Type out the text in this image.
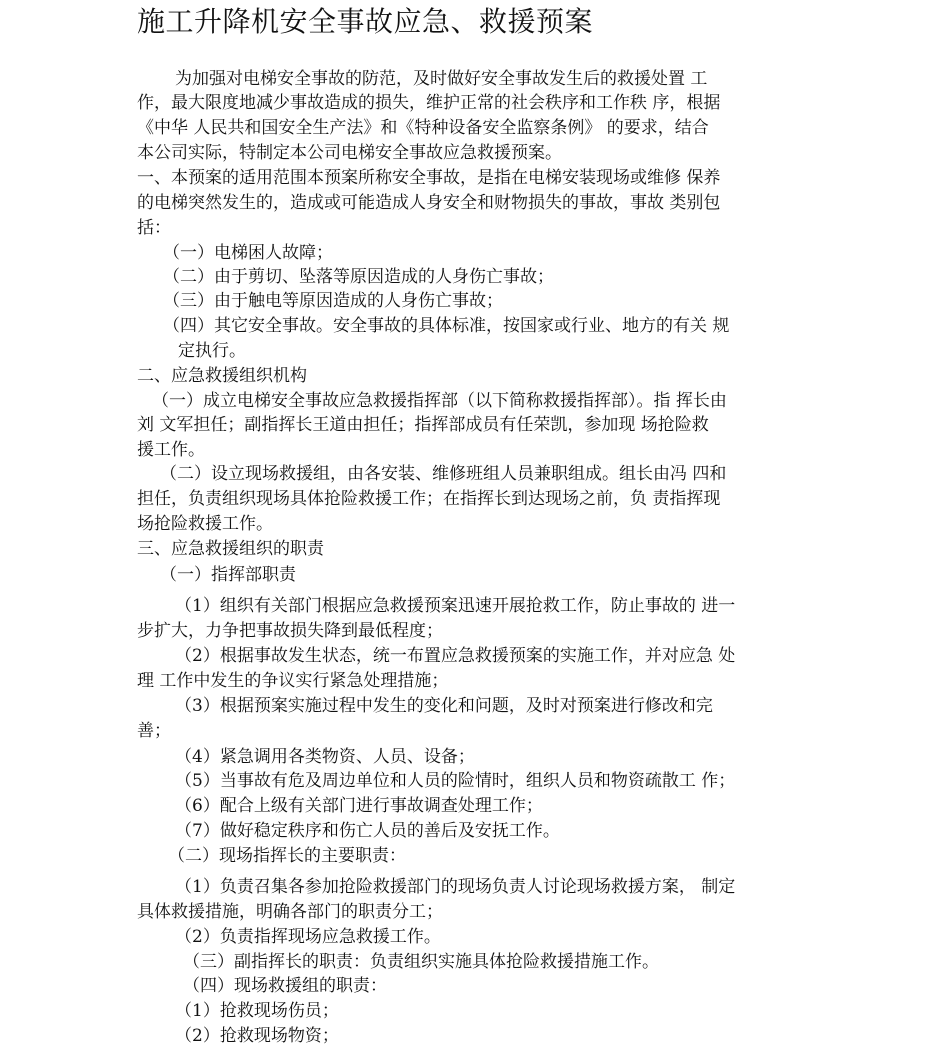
施工升降机安全事故应急、救援预案
为加强对电梯安全事故的防范，及时做好安全事故发生后的救援处置 工
作，最大限度地减少事故造成的损失，维护正常的社会秩序和工作秩 序，根据
《中华 人民共和国安全生产法》和《特种设备安全监察条例》 的要求，结合
本公司实际，特制定本公司电梯安全事故应急救援预案。
一、本预案的适用范围本预案所称安全事故，是指在电梯安装现场或维修 保养
的电梯突然发生的，造成或可能造成人身安全和财物损失的事故，事故 类别包
括：
（一）电梯困人故障；
（二）由于剪切、坠落等原因造成的人身伤亡事故；
（三）由于触电等原因造成的人身伤亡事故；
（四）其它安全事故。安全事故的具体标准，按国家或行业、地方的有关 规
定执行。
二、应急救援组织机构
（一）成立电梯安全事故应急救援指挥部（以下简称救援指挥部）。指 挥长由
刘 文军担任；副指挥长王道由担任；指挥部成员有任荣凯，参加现 场抢险救
援工作。
（二）设立现场救援组，由各安装、维修班组人员兼职组成。组长由冯 四和
担任，负责组织现场具体抢险救援工作；在指挥长到达现场之前，负 责指挥现
场抢险救援工作。
三、应急救援组织的职责
（一）指挥部职责
（1）组织有关部门根据应急救援预案迅速开展抢救工作，防止事故的 进一
步扩大，力争把事故损失降到最低程度；
（2）根据事故发生状态，统一布置应急救援预案的实施工作，并对应急 处
理 工作中发生的争议实行紧急处理措施；
（3）根据预案实施过程中发生的变化和问题，及时对预案进行修改和完
善；
（4）紧急调用各类物资、人员、设备；
（5）当事故有危及周边单位和人员的险情时，组织人员和物资疏散工 作；
（6）配合上级有关部门进行事故调查处理工作；
（7）做好稳定秩序和伤亡人员的善后及安抚工作。
（二）现场指挥长的主要职责：
（1）负责召集各参加抢险救援部门的现场负责人讨论现场救援方案， 制定
具体救援措施，明确各部门的职责分工；
（2）负责指挥现场应急救援工作。
（三）副指挥长的职责：负责组织实施具体抢险救援措施工作。
（四）现场救援组的职责：
（1）抢救现场伤员；
（2）抢救现场物资；
